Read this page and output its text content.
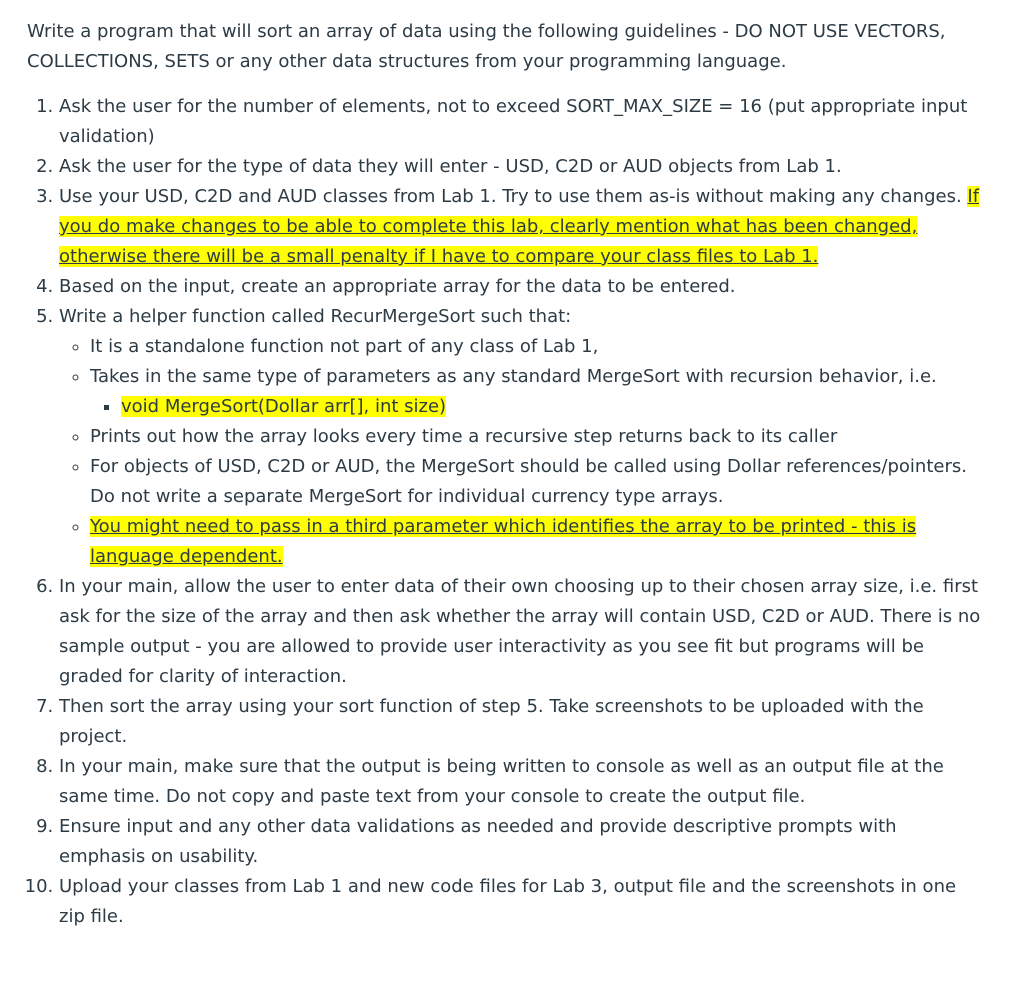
Write a program that will sort an array of data using the following guidelines - DO NOT USE VECTORS, COLLECTIONS, SETS or any other data structures from your programming language.

1. Ask the user for the number of elements, not to exceed SORT_MAX_SIZE = 16 (put appropriate input validation)
2. Ask the user for the type of data they will enter - USD, C2D or AUD objects from Lab 1.
3. Use your USD, C2D and AUD classes from Lab 1. Try to use them as-is without making any changes. If you do make changes to be able to complete this lab, clearly mention what has been changed, otherwise there will be a small penalty if I have to compare your class files to Lab 1.
4. Based on the input, create an appropriate array for the data to be entered.
5. Write a helper function called RecurMergeSort such that:
◦ It is a standalone function not part of any class of Lab 1,
◦ Takes in the same type of parameters as any standard MergeSort with recursion behavior, i.e.
▪ void MergeSort(Dollar arr[], int size)
◦ Prints out how the array looks every time a recursive step returns back to its caller
◦ For objects of USD, C2D or AUD, the MergeSort should be called using Dollar references/pointers. Do not write a separate MergeSort for individual currency type arrays.
◦ You might need to pass in a third parameter which identifies the array to be printed - this is language dependent.
6. In your main, allow the user to enter data of their own choosing up to their chosen array size, i.e. first ask for the size of the array and then ask whether the array will contain USD, C2D or AUD. There is no sample output - you are allowed to provide user interactivity as you see fit but programs will be graded for clarity of interaction.
7. Then sort the array using your sort function of step 5. Take screenshots to be uploaded with the project.
8. In your main, make sure that the output is being written to console as well as an output file at the same time. Do not copy and paste text from your console to create the output file.
9. Ensure input and any other data validations as needed and provide descriptive prompts with emphasis on usability.
10. Upload your classes from Lab 1 and new code files for Lab 3, output file and the screenshots in one zip file.
